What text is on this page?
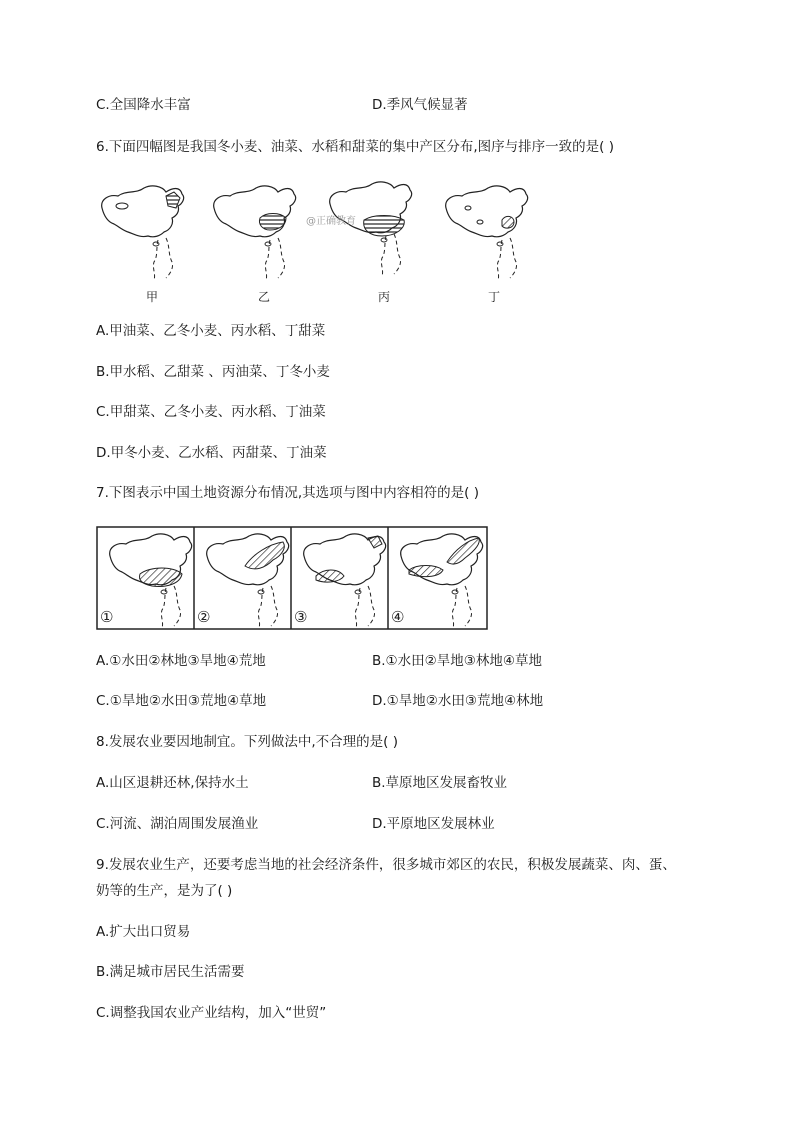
C.全国降水丰富	D.季风气候显著
6.下面四幅图是我国冬小麦、油菜、水稻和甜菜的集中产区分布,图序与排序一致的是( )
@正确教育
甲	乙	丙	丁
A.甲油菜、乙冬小麦、丙水稻、丁甜菜
B.甲水稻、乙甜菜 、丙油菜、丁冬小麦
C.甲甜菜、乙冬小麦、丙水稻、丁油菜
D.甲冬小麦、乙水稻、丙甜菜、丁油菜
7.下图表示中国土地资源分布情况,其选项与图中内容相符的是( )
①	②	③	④
A.①水田②林地③旱地④荒地	B.①水田②旱地③林地④草地
C.①旱地②水田③荒地④草地	D.①旱地②水田③荒地④林地
8.发展农业要因地制宜。下列做法中,不合理的是( )
A.山区退耕还林,保持水土	B.草原地区发展畜牧业
C.河流、湖泊周围发展渔业	D.平原地区发展林业
9.发展农业生产，还要考虑当地的社会经济条件，很多城市郊区的农民，积极发展蔬菜、肉、蛋、
奶等的生产，是为了( )
A.扩大出口贸易
B.满足城市居民生活需要
C.调整我国农业产业结构，加入“世贸”
